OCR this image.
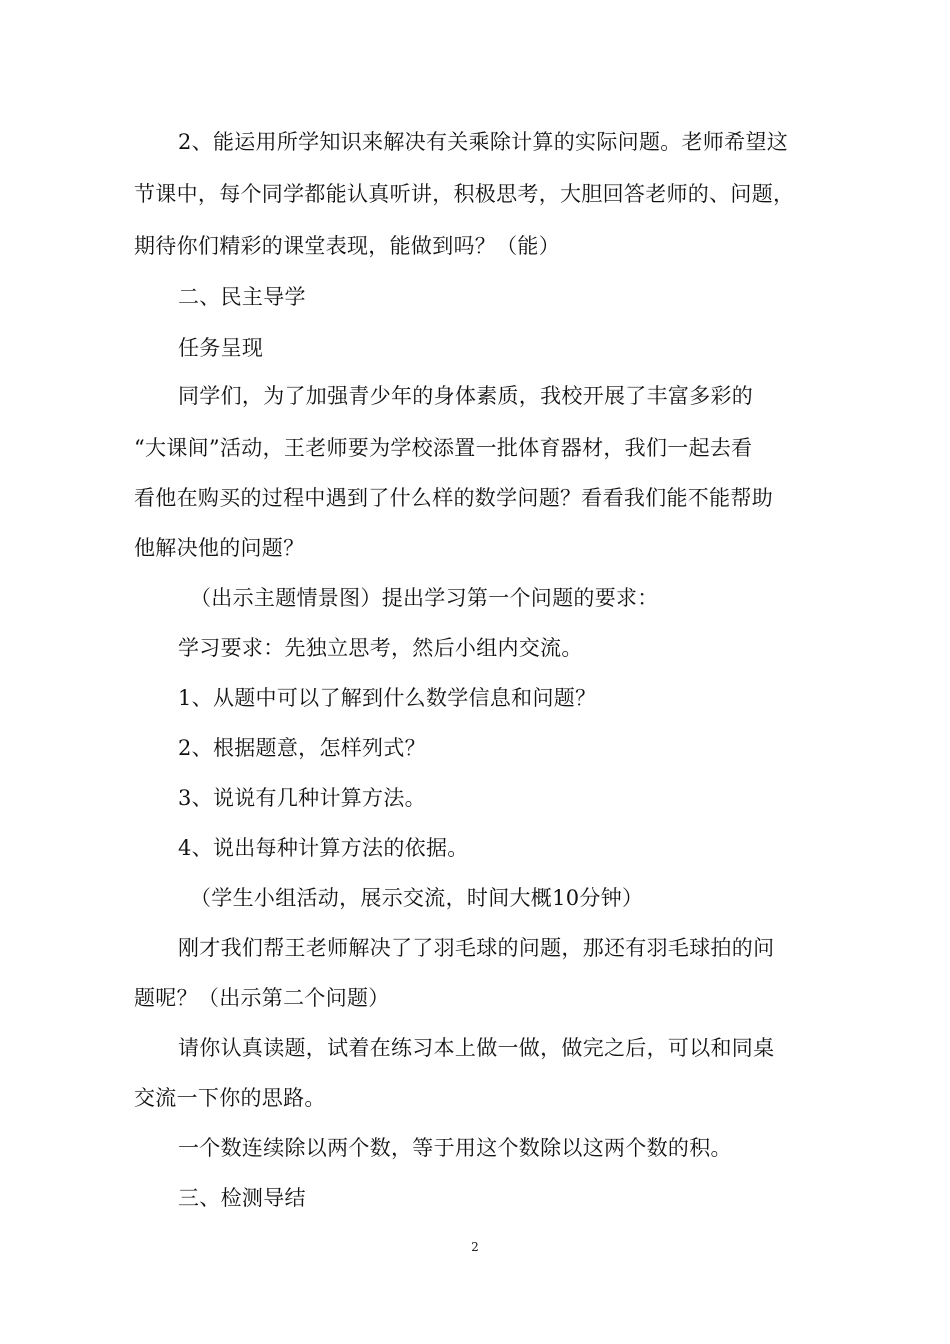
2、能运用所学知识来解决有关乘除计算的实际问题。老师希望这
节课中，每个同学都能认真听讲，积极思考，大胆回答老师的、问题，
期待你们精彩的课堂表现，能做到吗？（能）
二、民主导学
任务呈现
同学们，为了加强青少年的身体素质，我校开展了丰富多彩的
“大课间”活动，王老师要为学校添置一批体育器材，我们一起去看
看他在购买的过程中遇到了什么样的数学问题？看看我们能不能帮助
他解决他的问题？
（出示主题情景图）提出学习第一个问题的要求：
学习要求：先独立思考，然后小组内交流。
1、从题中可以了解到什么数学信息和问题？
2、根据题意，怎样列式？
3、说说有几种计算方法。
4、说出每种计算方法的依据。
（学生小组活动，展示交流，时间大概10分钟）
刚才我们帮王老师解决了了羽毛球的问题，那还有羽毛球拍的问
题呢？（出示第二个问题）
请你认真读题，试着在练习本上做一做，做完之后，可以和同桌
交流一下你的思路。
一个数连续除以两个数，等于用这个数除以这两个数的积。
三、检测导结
2
